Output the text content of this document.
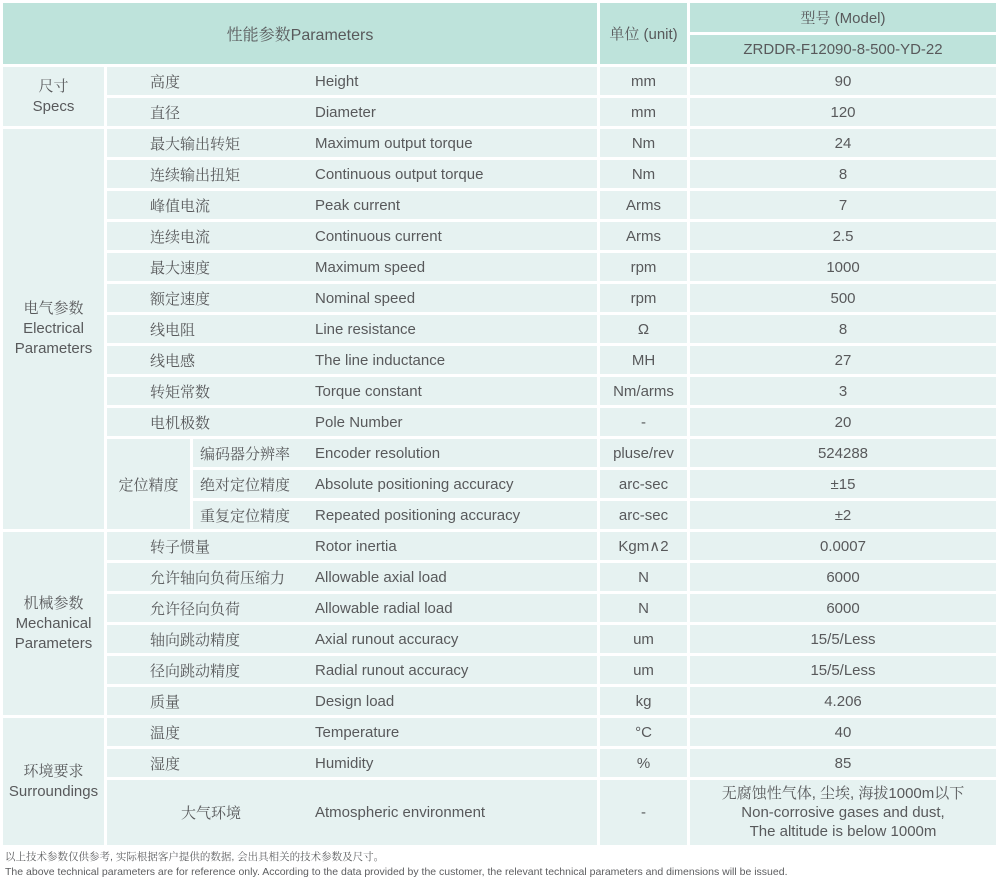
性能参数Parameters	单位 (unit)
型号 (Model)
ZRDDR-F12090-8-500-YD-22
尺寸
Specs
高度	Height	mm	90
直径	Diameter	mm	120
电气参数
Electrical Parameters
最大输出转矩	Maximum output torque	Nm	24
连续输出扭矩	Continuous output torque	Nm	8
峰值电流	Peak current	Arms	7
连续电流	Continuous current	Arms	2.5
最大速度	Maximum speed	rpm	1000
额定速度	Nominal speed	rpm	500
线电阻	Line resistance	Ω	8
线电感	The line inductance	MH	27
转矩常数	Torque constant	Nm/arms	3
电机极数	Pole Number	-	20
定位精度
编码器分辨率	Encoder resolution	pluse/rev	524288
绝对定位精度	Absolute positioning accuracy	arc-sec	±15
重复定位精度	Repeated positioning accuracy	arc-sec	±2
机械参数
Mechanical Parameters
转子惯量	Rotor inertia	Kgm∧2	0.0007
允许轴向负荷压缩力	Allowable axial load	N	6000
允许径向负荷	Allowable radial load	N	6000
轴向跳动精度	Axial runout accuracy	um	15/5/Less
径向跳动精度	Radial runout accuracy	um	15/5/Less
质量	Design load	kg	4.206
环境要求
Surroundings
温度	Temperature	°C	40
湿度	Humidity	%	85
大气环境	Atmospheric environment	-
无腐蚀性气体, 尘埃, 海拔1000m以下
Non-corrosive gases and dust,
The altitude is below 1000m
以上技术参数仅供参考, 实际根据客户提供的数据, 会出具相关的技术参数及尺寸。
The above technical parameters are for reference only. According to the data provided by the customer, the relevant technical parameters and dimensions will be issued.
